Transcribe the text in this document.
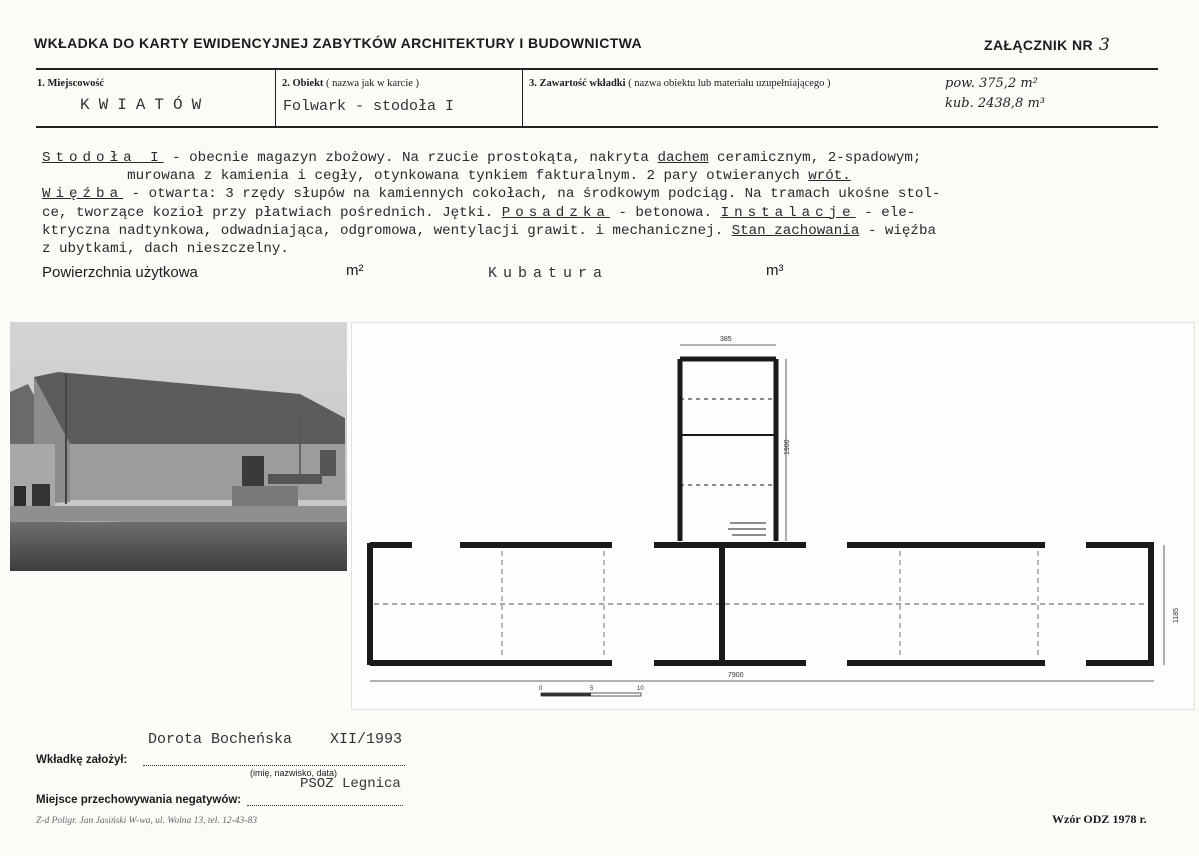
WKŁADKA DO KARTY EWIDENCYJNEJ ZABYTKÓW ARCHITEKTURY I BUDOWNICTWA	ZAŁĄCZNIK NR 3
1. Miejscowość
KWIATÓW
2. Obiekt ( nazwa jak w karcie )
Folwark - stodoła I
3. Zawartość wkładki ( nazwa obiektu lub materiału uzupełniającego )	pow. 375,2 m²
kub. 2438,8 m³
Stodoła I - obecnie magazyn zbożowy. Na rzucie prostokąta, nakryta dachem ceramicznym, 2-spadowym;
murowana z kamienia i cegły, otynkowana tynkiem fakturalnym. 2 pary otwieranych wrót.
Więźba - otwarta: 3 rzędy słupów na kamiennych cokołach, na środkowym podciąg. Na tramach ukośne stol-
ce, tworzące kozioł przy płatwiach pośrednich. Jętki. Posadzka - betonowa. Instalacje - ele-
ktryczna nadtynkowa, odwadniająca, odgromowa, wentylacji grawit. i mechanicznej. Stan zachowania - więźba
z ubytkami, dach nieszczelny.
Powierzchnia użytkowa	m²	Kubatura	m³
385
1900
7900
1185
0	5	10
Dorota Bocheńska	XII/1993
Wkładkę założył:
(imię, nazwisko, data)
PSOZ Legnica
Miejsce przechowywania negatywów:
Z-d Poligr. Jan Jasiński W-wa, ul. Wolna 13, tel. 12-43-83	Wzór ODZ 1978 r.
